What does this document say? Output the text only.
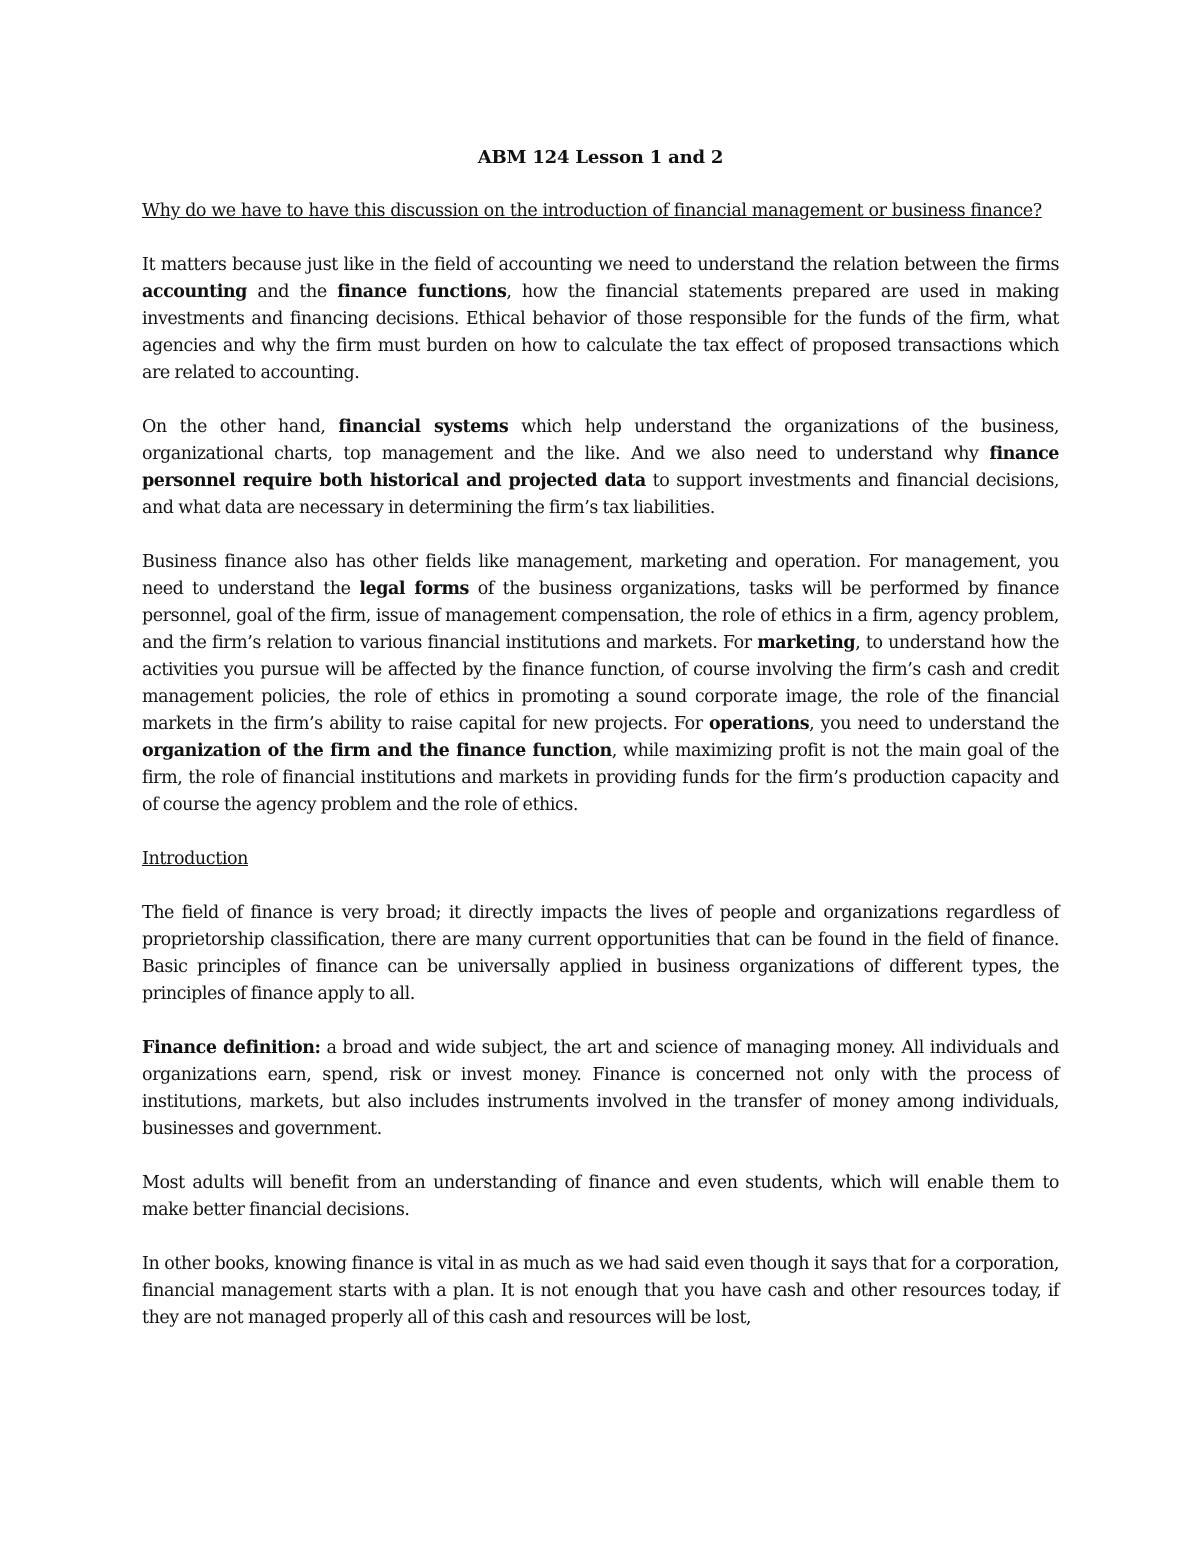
ABM 124 Lesson 1 and 2
Why do we have to have this discussion on the introduction of financial management or business finance?

It matters because just like in the field of accounting we need to understand the relation between the firms accounting and the finance functions, how the financial statements prepared are used in making investments and financing decisions. Ethical behavior of those responsible for the funds of the firm, what agencies and why the firm must burden on how to calculate the tax effect of proposed transactions which are related to accounting.

On the other hand, financial systems which help understand the organizations of the business, organizational charts, top management and the like. And we also need to understand why finance personnel require both historical and projected data to support investments and financial decisions, and what data are necessary in determining the firm’s tax liabilities.

Business finance also has other fields like management, marketing and operation. For management, you need to understand the legal forms of the business organizations, tasks will be performed by finance personnel, goal of the firm, issue of management compensation, the role of ethics in a firm, agency problem, and the firm’s relation to various financial institutions and markets. For marketing, to understand how the activities you pursue will be affected by the finance function, of course involving the firm’s cash and credit management policies, the role of ethics in promoting a sound corporate image, the role of the financial markets in the firm’s ability to raise capital for new projects. For operations, you need to understand the organization of the firm and the finance function, while maximizing profit is not the main goal of the firm, the role of financial institutions and markets in providing funds for the firm’s production capacity and of course the agency problem and the role of ethics.

Introduction

The field of finance is very broad; it directly impacts the lives of people and organizations regardless of proprietorship classification, there are many current opportunities that can be found in the field of finance. Basic principles of finance can be universally applied in business organizations of different types, the principles of finance apply to all.

Finance definition: a broad and wide subject, the art and science of managing money. All individuals and organizations earn, spend, risk or invest money. Finance is concerned not only with the process of institutions, markets, but also includes instruments involved in the transfer of money among individuals, businesses and government.

Most adults will benefit from an understanding of finance and even students, which will enable them to make better financial decisions.

In other books, knowing finance is vital in as much as we had said even though it says that for a corporation, financial management starts with a plan. It is not enough that you have cash and other resources today, if they are not managed properly all of this cash and resources will be lost,
